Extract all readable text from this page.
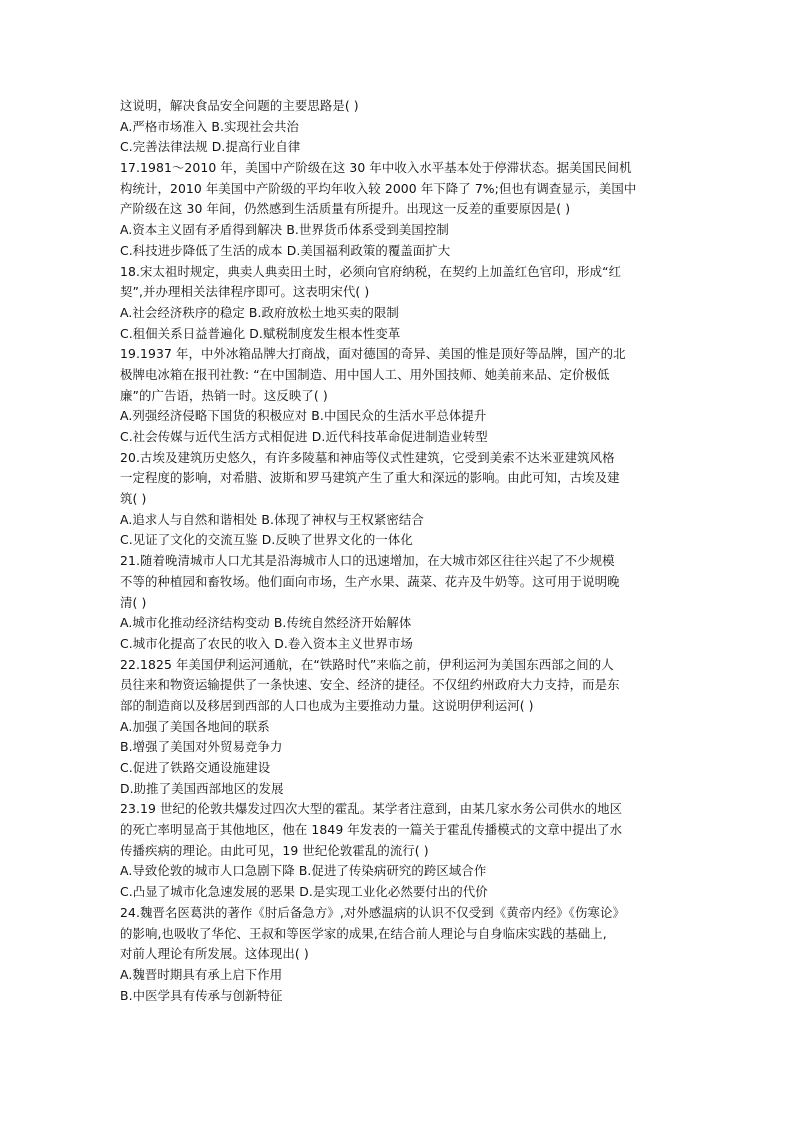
这说明，解决食品安全问题的主要思路是( )
A.严格市场准入 B.实现社会共治
C.完善法律法规 D.提高行业自律
17.1981～2010 年，美国中产阶级在这 30 年中收入水平基本处于停滞状态。据美国民间机
构统计，2010 年美国中产阶级的平均年收入较 2000 年下降了 7%;但也有调查显示，美国中
产阶级在这 30 年间，仍然感到生活质量有所提升。出现这一反差的重要原因是( )
A.资本主义固有矛盾得到解决 B.世界货币体系受到美国控制
C.科技进步降低了生活的成本 D.美国福利政策的覆盖面扩大
18.宋太祖时规定，典卖人典卖田土时，必须向官府纳税，在契约上加盖红色官印，形成“红
契”,并办理相关法律程序即可。这表明宋代( )
A.社会经济秩序的稳定 B.政府放松土地买卖的限制
C.租佃关系日益普遍化 D.赋税制度发生根本性变革
19.1937 年，中外冰箱品牌大打商战，面对德国的奇异、美国的惟是顶好等品牌，国产的北
极牌电冰箱在报刊社教: “在中国制造、用中国人工、用外国技师、她美前来品、定价极低
廉”的广告语，热销一时。这反映了( )
A.列强经济侵略下国货的积极应对 B.中国民众的生活水平总体提升
C.社会传媒与近代生活方式相促进 D.近代科技革命促进制造业转型
20.古埃及建筑历史悠久，有许多陵墓和神庙等仪式性建筑，它受到美索不达米亚建筑风格
一定程度的影响，对希腊、波斯和罗马建筑产生了重大和深远的影响。由此可知，古埃及建
筑( )
A.追求人与自然和谐相处 B.体现了神权与王权紧密结合
C.见证了文化的交流互鉴 D.反映了世界文化的一体化
21.随着晚清城市人口尤其是沿海城市人口的迅速增加，在大城市郊区往往兴起了不少规模
不等的种植园和畜牧场。他们面向市场，生产水果、蔬菜、花卉及牛奶等。这可用于说明晚
清( )
A.城市化推动经济结构变动 B.传统自然经济开始解体
C.城市化提高了农民的收入 D.卷入资本主义世界市场
22.1825 年美国伊利运河通航，在“铁路时代”来临之前，伊利运河为美国东西部之间的人
员往来和物资运输提供了一条快速、安全、经济的捷径。不仅纽约州政府大力支持，而是东
部的制造商以及移居到西部的人口也成为主要推动力量。这说明伊利运河( )
A.加强了美国各地间的联系
B.增强了美国对外贸易竞争力
C.促进了铁路交通设施建设
D.助推了美国西部地区的发展
23.19 世纪的伦敦共爆发过四次大型的霍乱。某学者注意到，由某几家水务公司供水的地区
的死亡率明显高于其他地区，他在 1849 年发表的一篇关于霍乱传播模式的文章中提出了水
传播疾病的理论。由此可见，19 世纪伦敦霍乱的流行( )
A.导致伦敦的城市人口急剧下降 B.促进了传染病研究的跨区域合作
C.凸显了城市化急速发展的恶果 D.是实现工业化必然要付出的代价
24.魏晋名医葛洪的著作《肘后备急方》,对外感温病的认识不仅受到《黄帝内经》《伤寒论》
的影响,也吸收了华佗、王叔和等医学家的成果,在结合前人理论与自身临床实践的基础上,
对前人理论有所发展。这体现出( )
A.魏晋时期具有承上启下作用
B.中医学具有传承与创新特征
